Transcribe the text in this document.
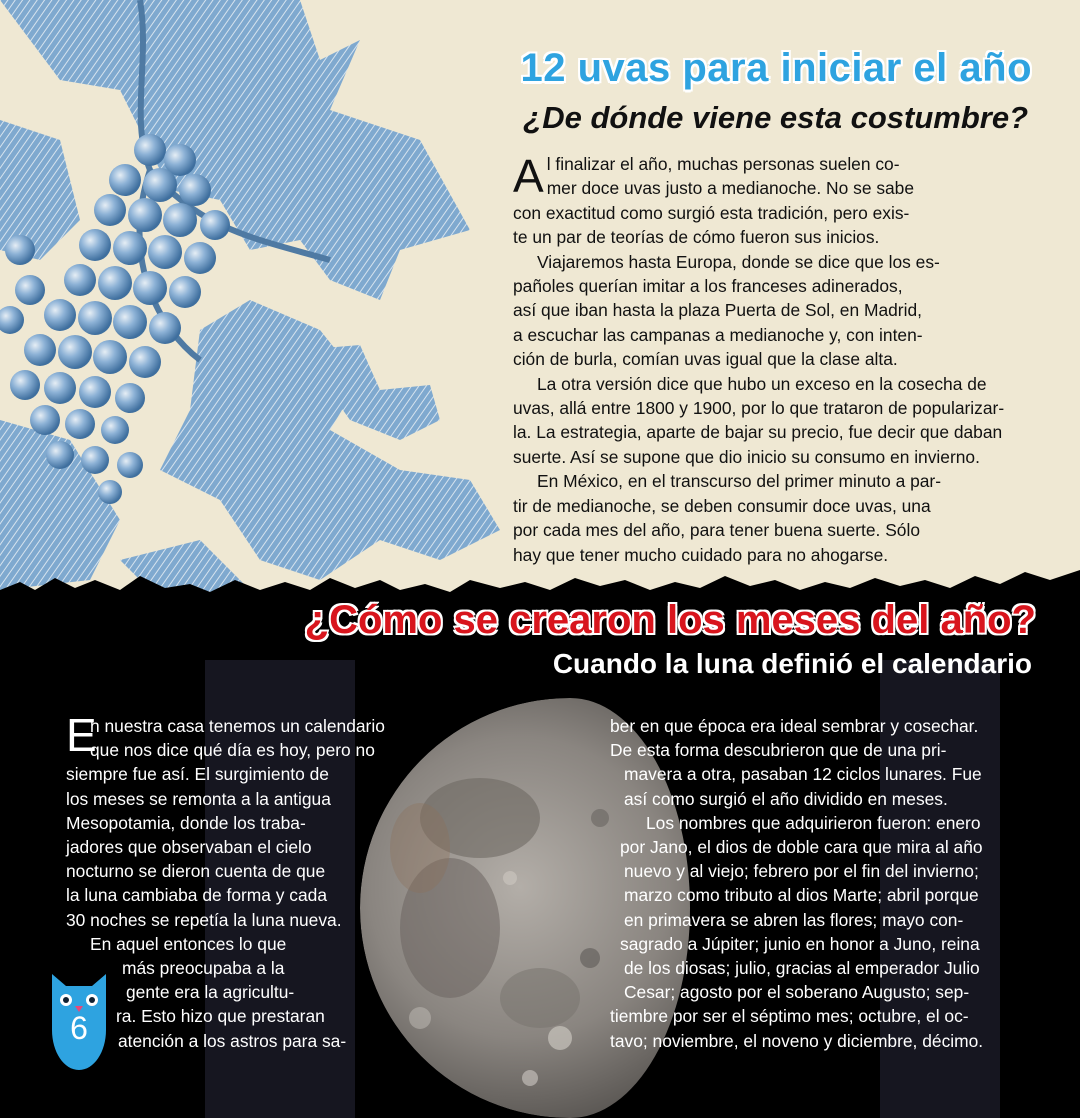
12 uvas para iniciar el año
¿De dónde viene esta costumbre?
A l finalizar el año, muchas personas suelen co-

mer doce uvas justo a medianoche. No se sabe

con exactitud como surgió esta tradición, pero exis-

te un par de teorías de cómo fueron sus inicios.

Viajaremos hasta Europa, donde se dice que los es-

pañoles querían imitar a los franceses adinerados,

así que iban hasta la plaza Puerta de Sol, en Madrid,

a escuchar las campanas a medianoche y, con inten-

ción de burla, comían uvas igual que la clase alta.

La otra versión dice que hubo un exceso en la cosecha de

uvas, allá entre 1800 y 1900, por lo que trataron de popularizar-

la. La estrategia, aparte de bajar su precio, fue decir que daban

suerte. Así se supone que dio inicio su consumo en invierno.

En México, en el transcurso del primer minuto a par-

tir de medianoche, se deben consumir doce uvas, una

por cada mes del año, para tener buena suerte. Sólo

hay que tener mucho cuidado para no ahogarse.

¿Cómo se crearon los meses del año?
Cuando la luna definió el calendario
E
n nuestra casa tenemos un calendario
que nos dice qué día es hoy, pero no
siempre fue así. El surgimiento de
los meses se remonta a la antigua
Mesopotamia, donde los traba-
jadores que observaban el cielo
nocturno se dieron cuenta de que
la luna cambiaba de forma y cada
30 noches se repetía la luna nueva.
En aquel entonces lo que
más preocupaba a la
gente era la agricultu-
ra. Esto hizo que prestaran
atención a los astros para sa-
ber en que época era ideal sembrar y cosechar.
De esta forma descubrieron que de una pri-
mavera a otra, pasaban 12 ciclos lunares. Fue
así como surgió el año dividido en meses.
Los nombres que adquirieron fueron: enero
por Jano, el dios de doble cara que mira al año
nuevo y al viejo; febrero por el fin del invierno;
marzo como tributo al dios Marte; abril porque
en primavera se abren las flores; mayo con-
sagrado a Júpiter; junio en honor a Juno, reina
de los diosas; julio, gracias al emperador Julio
Cesar; agosto por el soberano Augusto; sep-
tiembre por ser el séptimo mes; octubre, el oc-
tavo; noviembre, el noveno y diciembre, décimo.
6
